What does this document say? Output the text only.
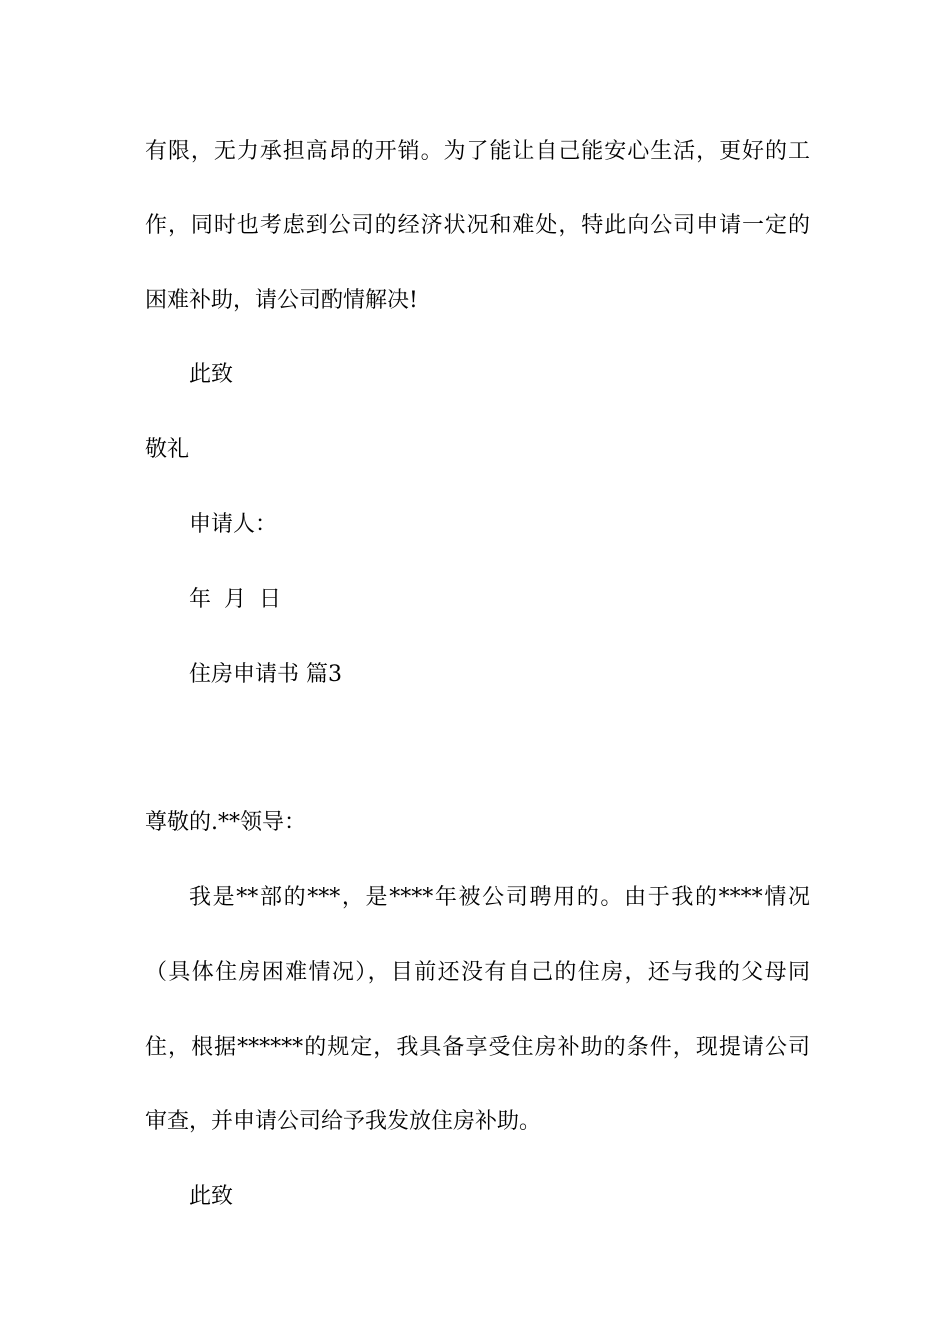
有限，无力承担高昂的开销。为了能让自己能安心生活，更好的工
作，同时也考虑到公司的经济状况和难处，特此向公司申请一定的
困难补助，请公司酌情解决!
此致
敬礼
申请人：
年 月 日
住房申请书 篇3
尊敬的.**领导：
我是**部的***，是****年被公司聘用的。由于我的****情况
（具体住房困难情况），目前还没有自己的住房，还与我的父母同
住，根据******的规定，我具备享受住房补助的条件，现提请公司
审查，并申请公司给予我发放住房补助。
此致
